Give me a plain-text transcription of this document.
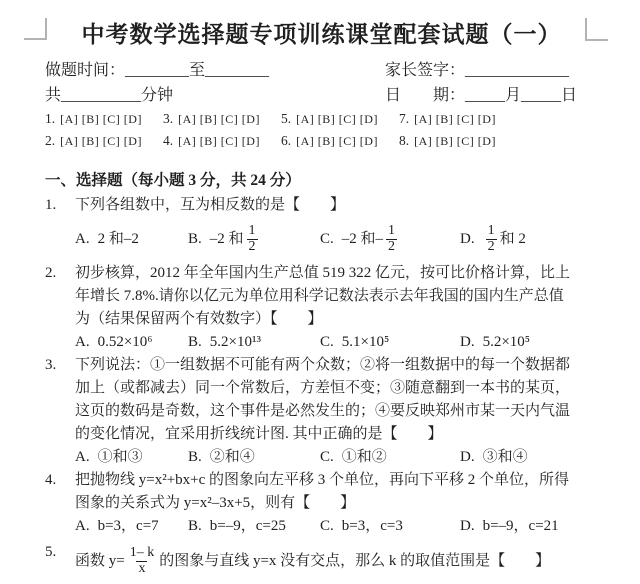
中考数学选择题专项训练课堂配套试题（一）
做题时间：________至________	家长签字：_____________
共__________分钟	日　　期：_____月_____日
1. [A] [B] [C] [D]	3. [A] [B] [C] [D]	5. [A] [B] [C] [D]	7. [A] [B] [C] [D]
2. [A] [B] [C] [D]	4. [A] [B] [C] [D]	6. [A] [B] [C] [D]	8. [A] [B] [C] [D]
一、选择题（每小题 3 分，共 24 分）
1. 下列各组数中，互为相反数的是【　　】
A. 2 和–2	B. –2 和 $\frac{1}{2}$	C. –2 和– $\frac{1}{2}$	D. $\frac{1}{2}$ 和 2
2. 初步核算，2012 年全年国内生产总值 519 322 亿元，按可比价格计算，比上
年增长 7.8%.请你以亿元为单位用科学记数法表示去年我国的国内生产总值
为（结果保留两个有效数字）【　　】
A. 0.52×10⁶ B. 5.2×10¹³	C. 5.1×10⁵	D. 5.2×10⁵
3. 下列说法：①一组数据不可能有两个众数；②将一组数据中的每一个数据都
加上（或都减去）同一个常数后，方差恒不变；③随意翻到一本书的某页，
这页的数码是奇数，这个事件是必然发生的；④要反映郑州市某一天内气温
的变化情况，宜采用折线统计图. 其中正确的是【　　】
A. ①和③	B. ②和④	C. ①和②	D. ③和④
4. 把抛物线 y=x²+bx+c 的图象向左平移 3 个单位，再向下平移 2 个单位，所得
图象的关系式为 y=x²–3x+5，则有【　　】
A. b=3，c=7 B. b=–9，c=25 C. b=3，c=3	D. b=–9，c=21
5.
函数 $y= \frac{1- k}{x}$ 的图象与直线 y=x 没有交点，那么 k 的取值范围是【　　】
